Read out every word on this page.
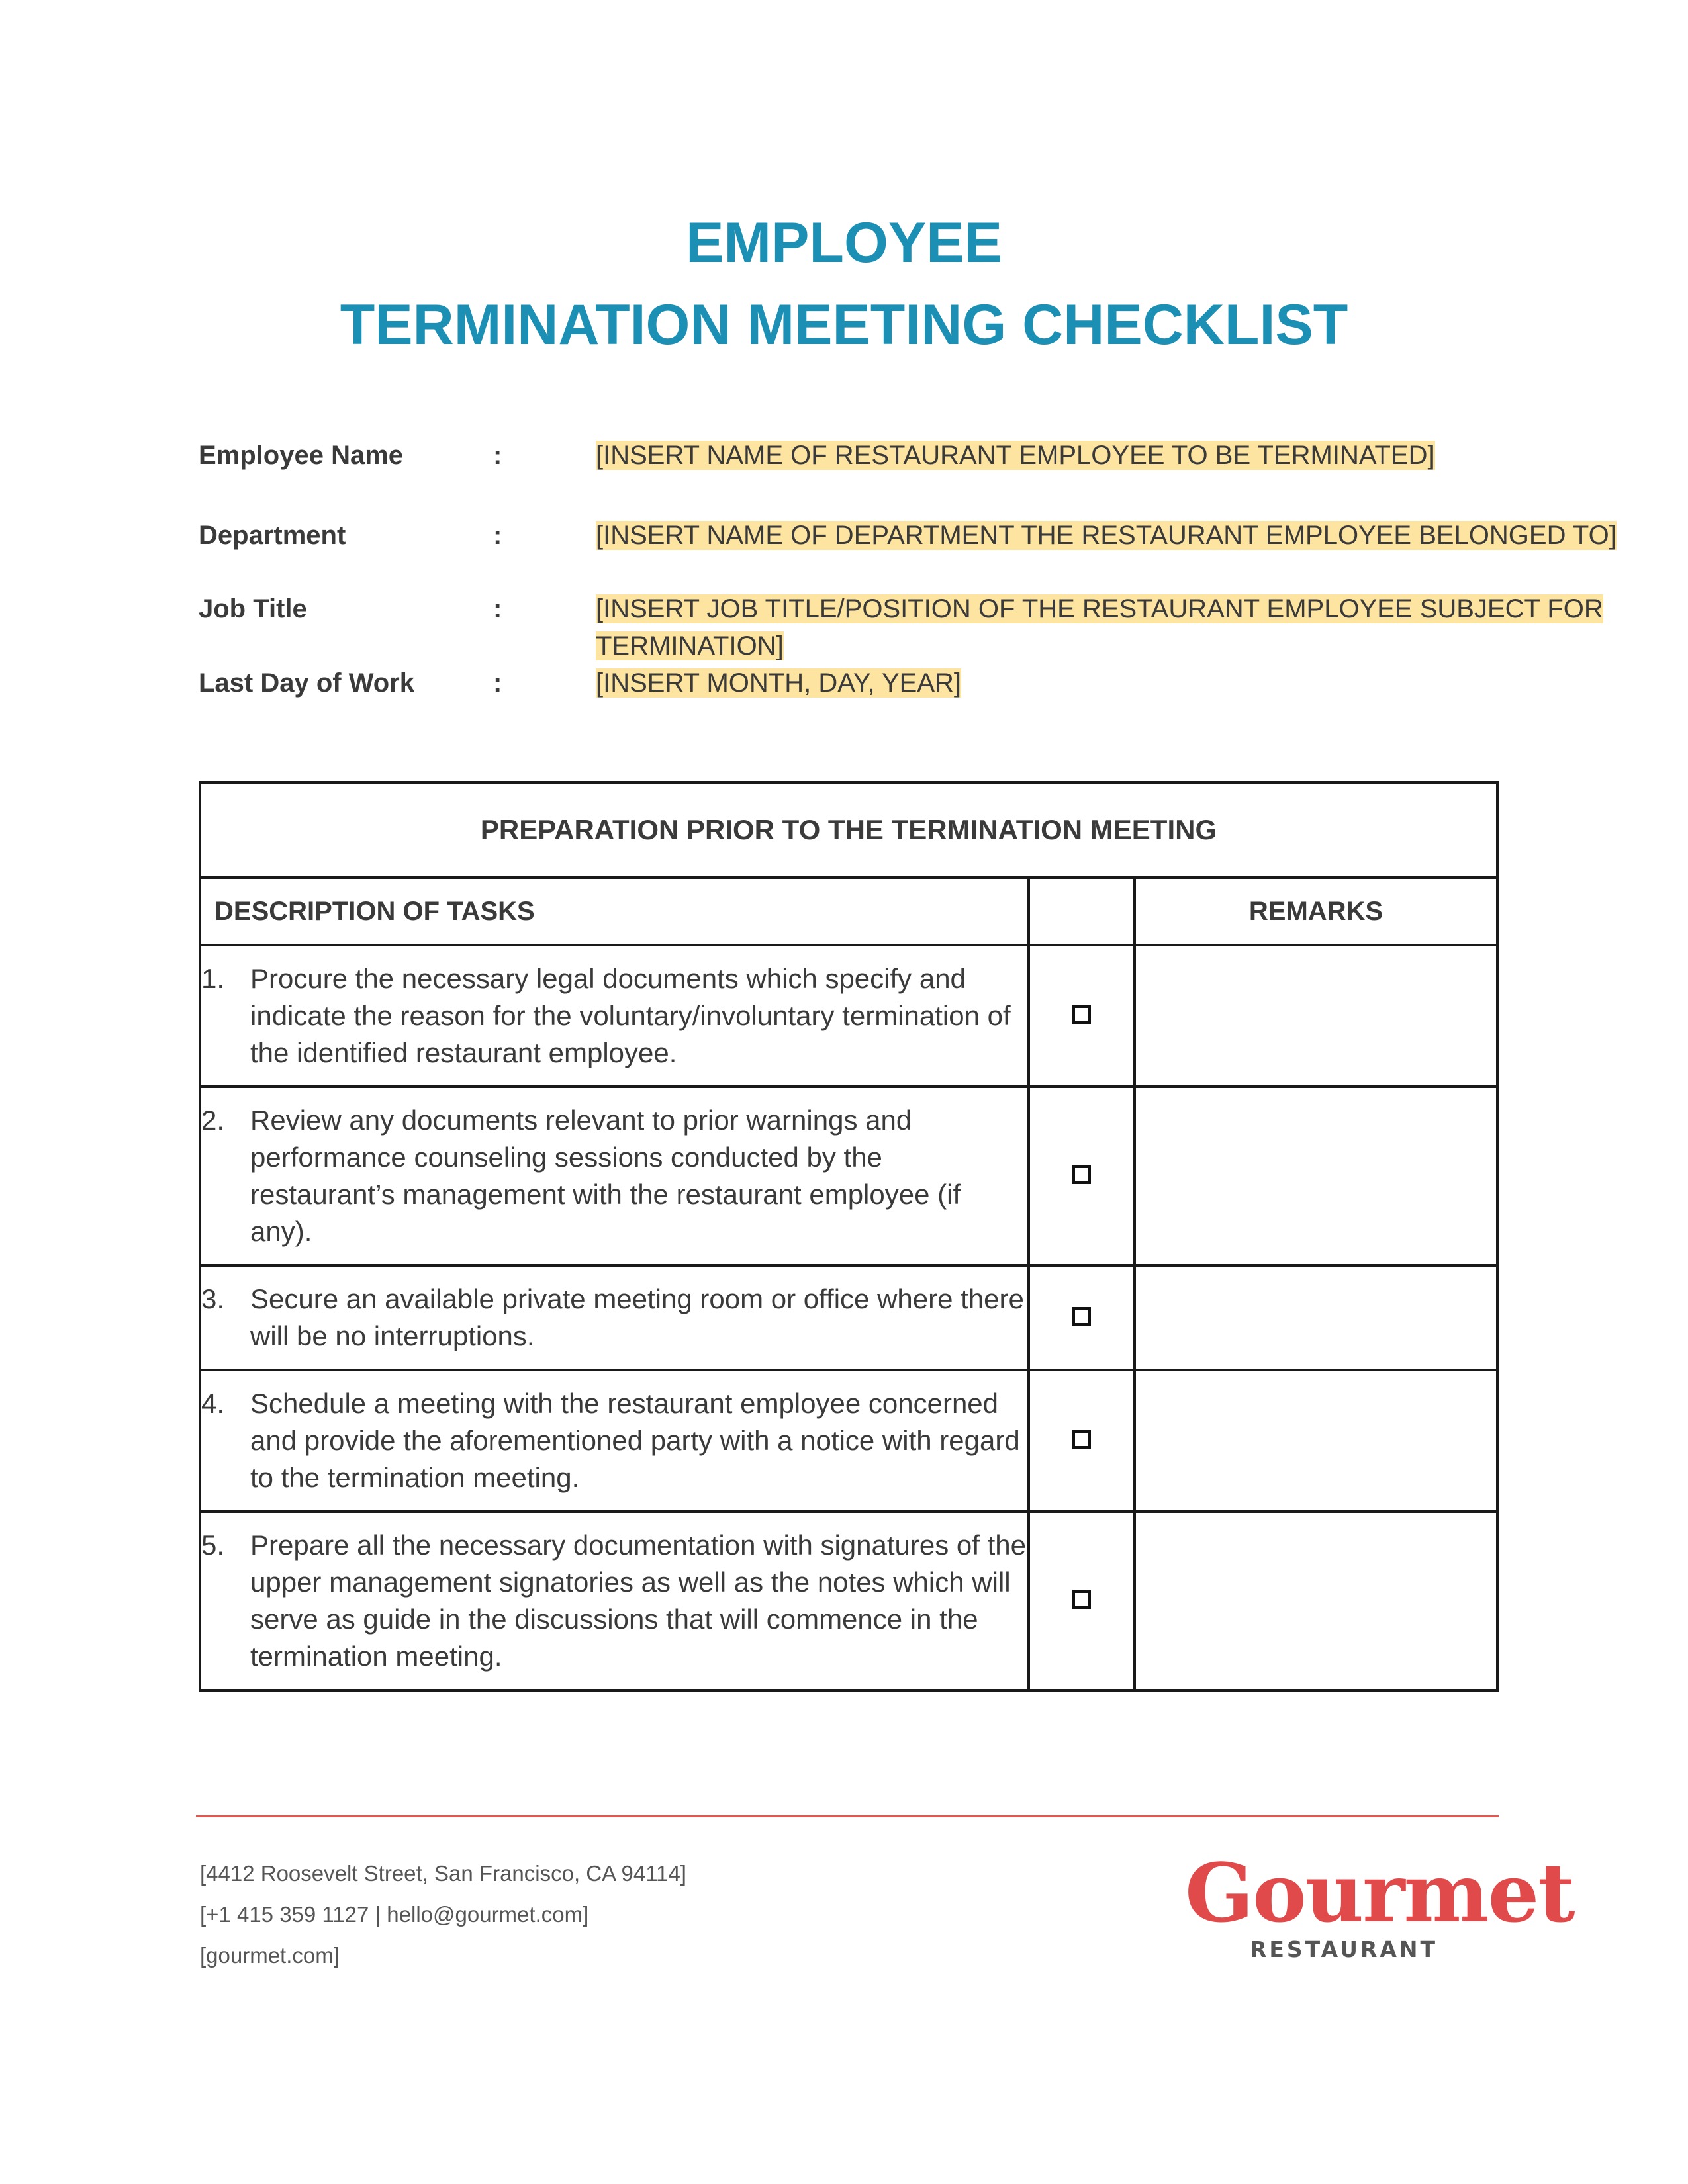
EMPLOYEE
TERMINATION MEETING CHECKLIST
Employee Name	:	[INSERT NAME OF RESTAURANT EMPLOYEE TO BE TERMINATED]
Department	:	[INSERT NAME OF DEPARTMENT THE RESTAURANT EMPLOYEE BELONGED TO]
Job Title	:	[INSERT JOB TITLE/POSITION OF THE RESTAURANT EMPLOYEE SUBJECT FOR TERMINATION]
Last Day of Work	:	[INSERT MONTH, DAY, YEAR]
PREPARATION PRIOR TO THE TERMINATION MEETING		
DESCRIPTION OF TASKS		REMARKS

1. Procure the necessary legal documents which specify and indicate the reason for the voluntary/involuntary termination of the identified restaurant employee.		

2. Review any documents relevant to prior warnings and performance counseling sessions conducted by the restaurant’s management with the restaurant employee (if any).		

3. Secure an available private meeting room or office where there will be no interruptions.		

4. Schedule a meeting with the restaurant employee concerned and provide the aforementioned party with a notice with regard to the termination meeting.		

5. Prepare all the necessary documentation with signatures of the upper management signatories as well as the notes which will serve as guide in the discussions that will commence in the termination meeting.		

[4412 Roosevelt Street, San Francisco, CA 94114]
[+1 415 359 1127 | hello@gourmet.com]
[gourmet.com]
Gourmet
RESTAURANT
